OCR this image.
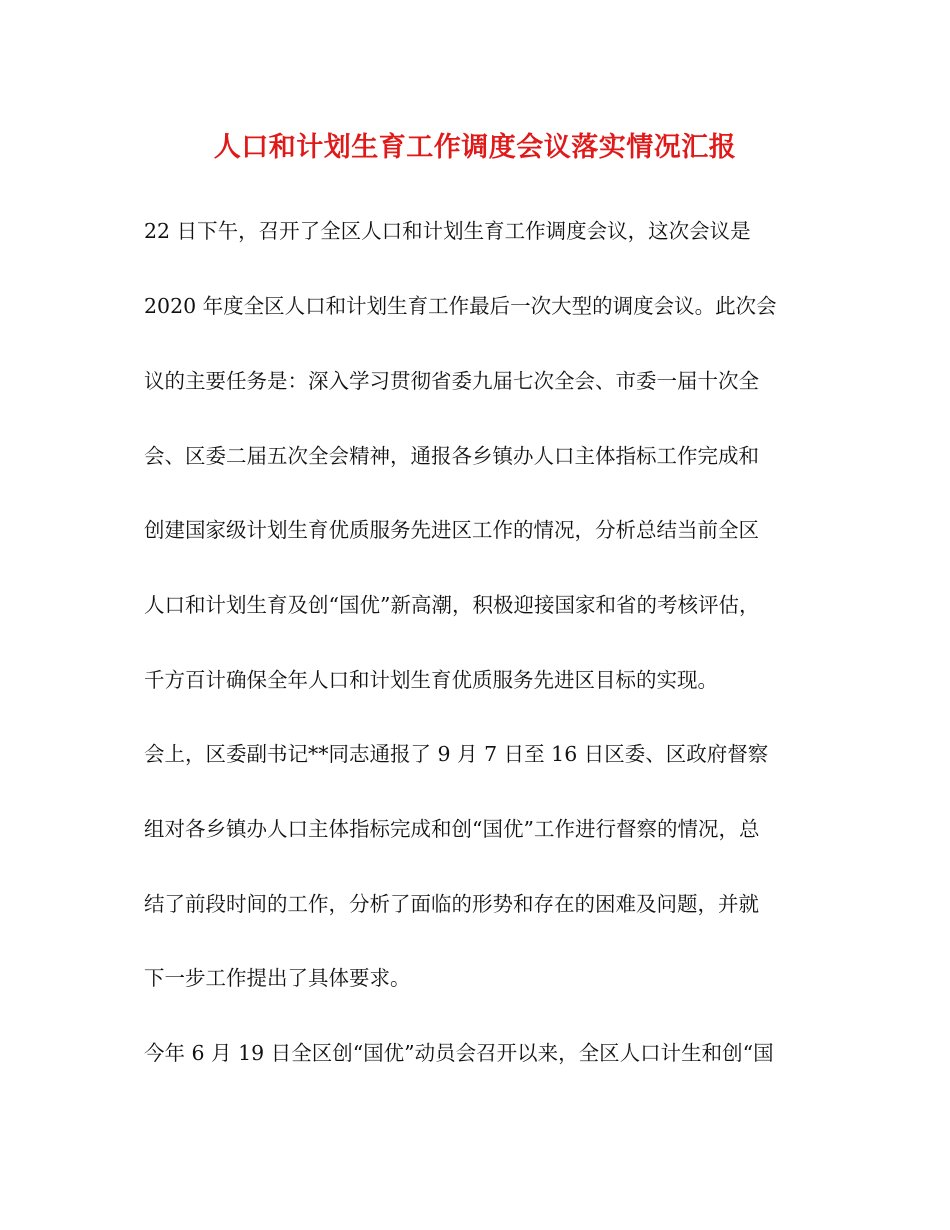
人口和计划生育工作调度会议落实情况汇报

22 日下午，召开了全区人口和计划生育工作调度会议，这次会议是

2020 年度全区人口和计划生育工作最后一次大型的调度会议。此次会

议的主要任务是：深入学习贯彻省委九届七次全会、市委一届十次全

会、区委二届五次全会精神，通报各乡镇办人口主体指标工作完成和

创建国家级计划生育优质服务先进区工作的情况，分析总结当前全区

人口和计划生育及创“国优”新高潮，积极迎接国家和省的考核评估，

千方百计确保全年人口和计划生育优质服务先进区目标的实现。

会上，区委副书记**同志通报了 9 月 7 日至 16 日区委、区政府督察

组对各乡镇办人口主体指标完成和创“国优”工作进行督察的情况，总

结了前段时间的工作，分析了面临的形势和存在的困难及问题，并就

下一步工作提出了具体要求。

今年 6 月 19 日全区创“国优”动员会召开以来，全区人口计生和创“国
